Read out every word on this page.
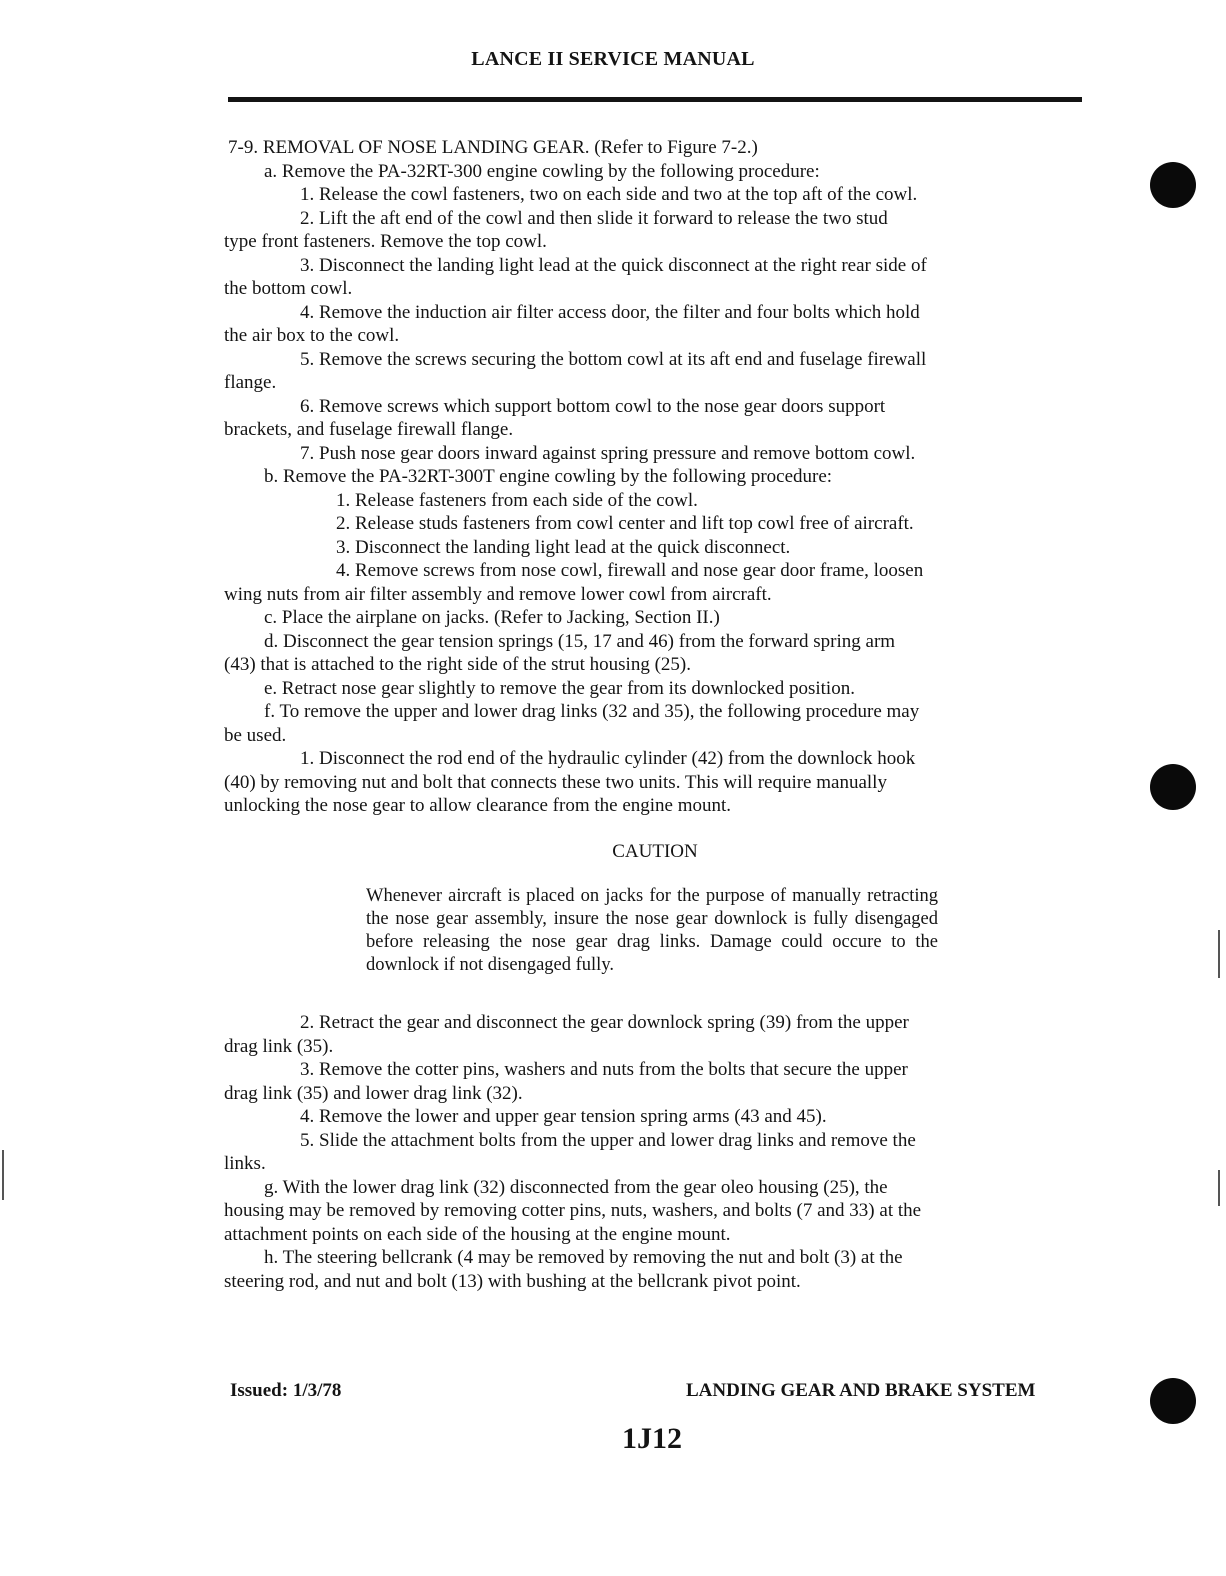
LANCE II SERVICE MANUAL

7-9. REMOVAL OF NOSE LANDING GEAR. (Refer to Figure 7-2.)

a. Remove the PA-32RT-300 engine cowling by the following procedure:

1. Release the cowl fasteners, two on each side and two at the top aft of the cowl.

2. Lift the aft end of the cowl and then slide it forward to release the two stud

type front fasteners. Remove the top cowl.

3. Disconnect the landing light lead at the quick disconnect at the right rear side of

the bottom cowl.

4. Remove the induction air filter access door, the filter and four bolts which hold

the air box to the cowl.

5. Remove the screws securing the bottom cowl at its aft end and fuselage firewall

flange.

6. Remove screws which support bottom cowl to the nose gear doors support

brackets, and fuselage firewall flange.

7. Push nose gear doors inward against spring pressure and remove bottom cowl.

b. Remove the PA-32RT-300T engine cowling by the following procedure:

1. Release fasteners from each side of the cowl.

2. Release studs fasteners from cowl center and lift top cowl free of aircraft.

3. Disconnect the landing light lead at the quick disconnect.

4. Remove screws from nose cowl, firewall and nose gear door frame, loosen

wing nuts from air filter assembly and remove lower cowl from aircraft.

c. Place the airplane on jacks. (Refer to Jacking, Section II.)

d. Disconnect the gear tension springs (15, 17 and 46) from the forward spring arm

(43) that is attached to the right side of the strut housing (25).

e. Retract nose gear slightly to remove the gear from its downlocked position.

f. To remove the upper and lower drag links (32 and 35), the following procedure may

be used.

1. Disconnect the rod end of the hydraulic cylinder (42) from the downlock hook

(40) by removing nut and bolt that connects these two units. This will require manually

unlocking the nose gear to allow clearance from the engine mount.

CAUTION

Whenever aircraft is placed on jacks for the purpose of manually retracting the nose gear assembly, insure the nose gear downlock is fully disengaged before releasing the nose gear drag links. Damage could occure to the downlock if not disengaged fully.

2. Retract the gear and disconnect the gear downlock spring (39) from the upper

drag link (35).

3. Remove the cotter pins, washers and nuts from the bolts that secure the upper

drag link (35) and lower drag link (32).

4. Remove the lower and upper gear tension spring arms (43 and 45).

5. Slide the attachment bolts from the upper and lower drag links and remove the

links.

g. With the lower drag link (32) disconnected from the gear oleo housing (25), the

housing may be removed by removing cotter pins, nuts, washers, and bolts (7 and 33) at the

attachment points on each side of the housing at the engine mount.

h. The steering bellcrank (4 may be removed by removing the nut and bolt (3) at the

steering rod, and nut and bolt (13) with bushing at the bellcrank pivot point.

Issued: 1/3/78	LANDING GEAR AND BRAKE SYSTEM
1J12
